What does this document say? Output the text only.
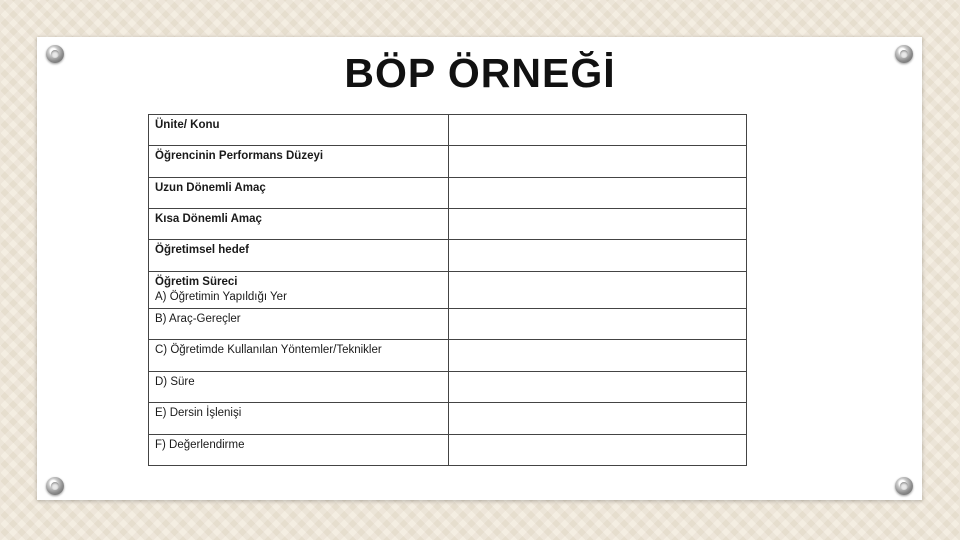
BÖP ÖRNEĞİ
Ünite/ Konu	
Öğrencinin Performans Düzeyi	
Uzun Dönemli Amaç	
Kısa Dönemli Amaç	
Öğretimsel hedef	

Öğretim Süreci
A) Öğretimin Yapıldığı Yer	

B) Araç-Gereçler	
C) Öğretimde Kullanılan Yöntemler/Teknikler	
D) Süre	
E) Dersin İşlenişi	
F) Değerlendirme	
